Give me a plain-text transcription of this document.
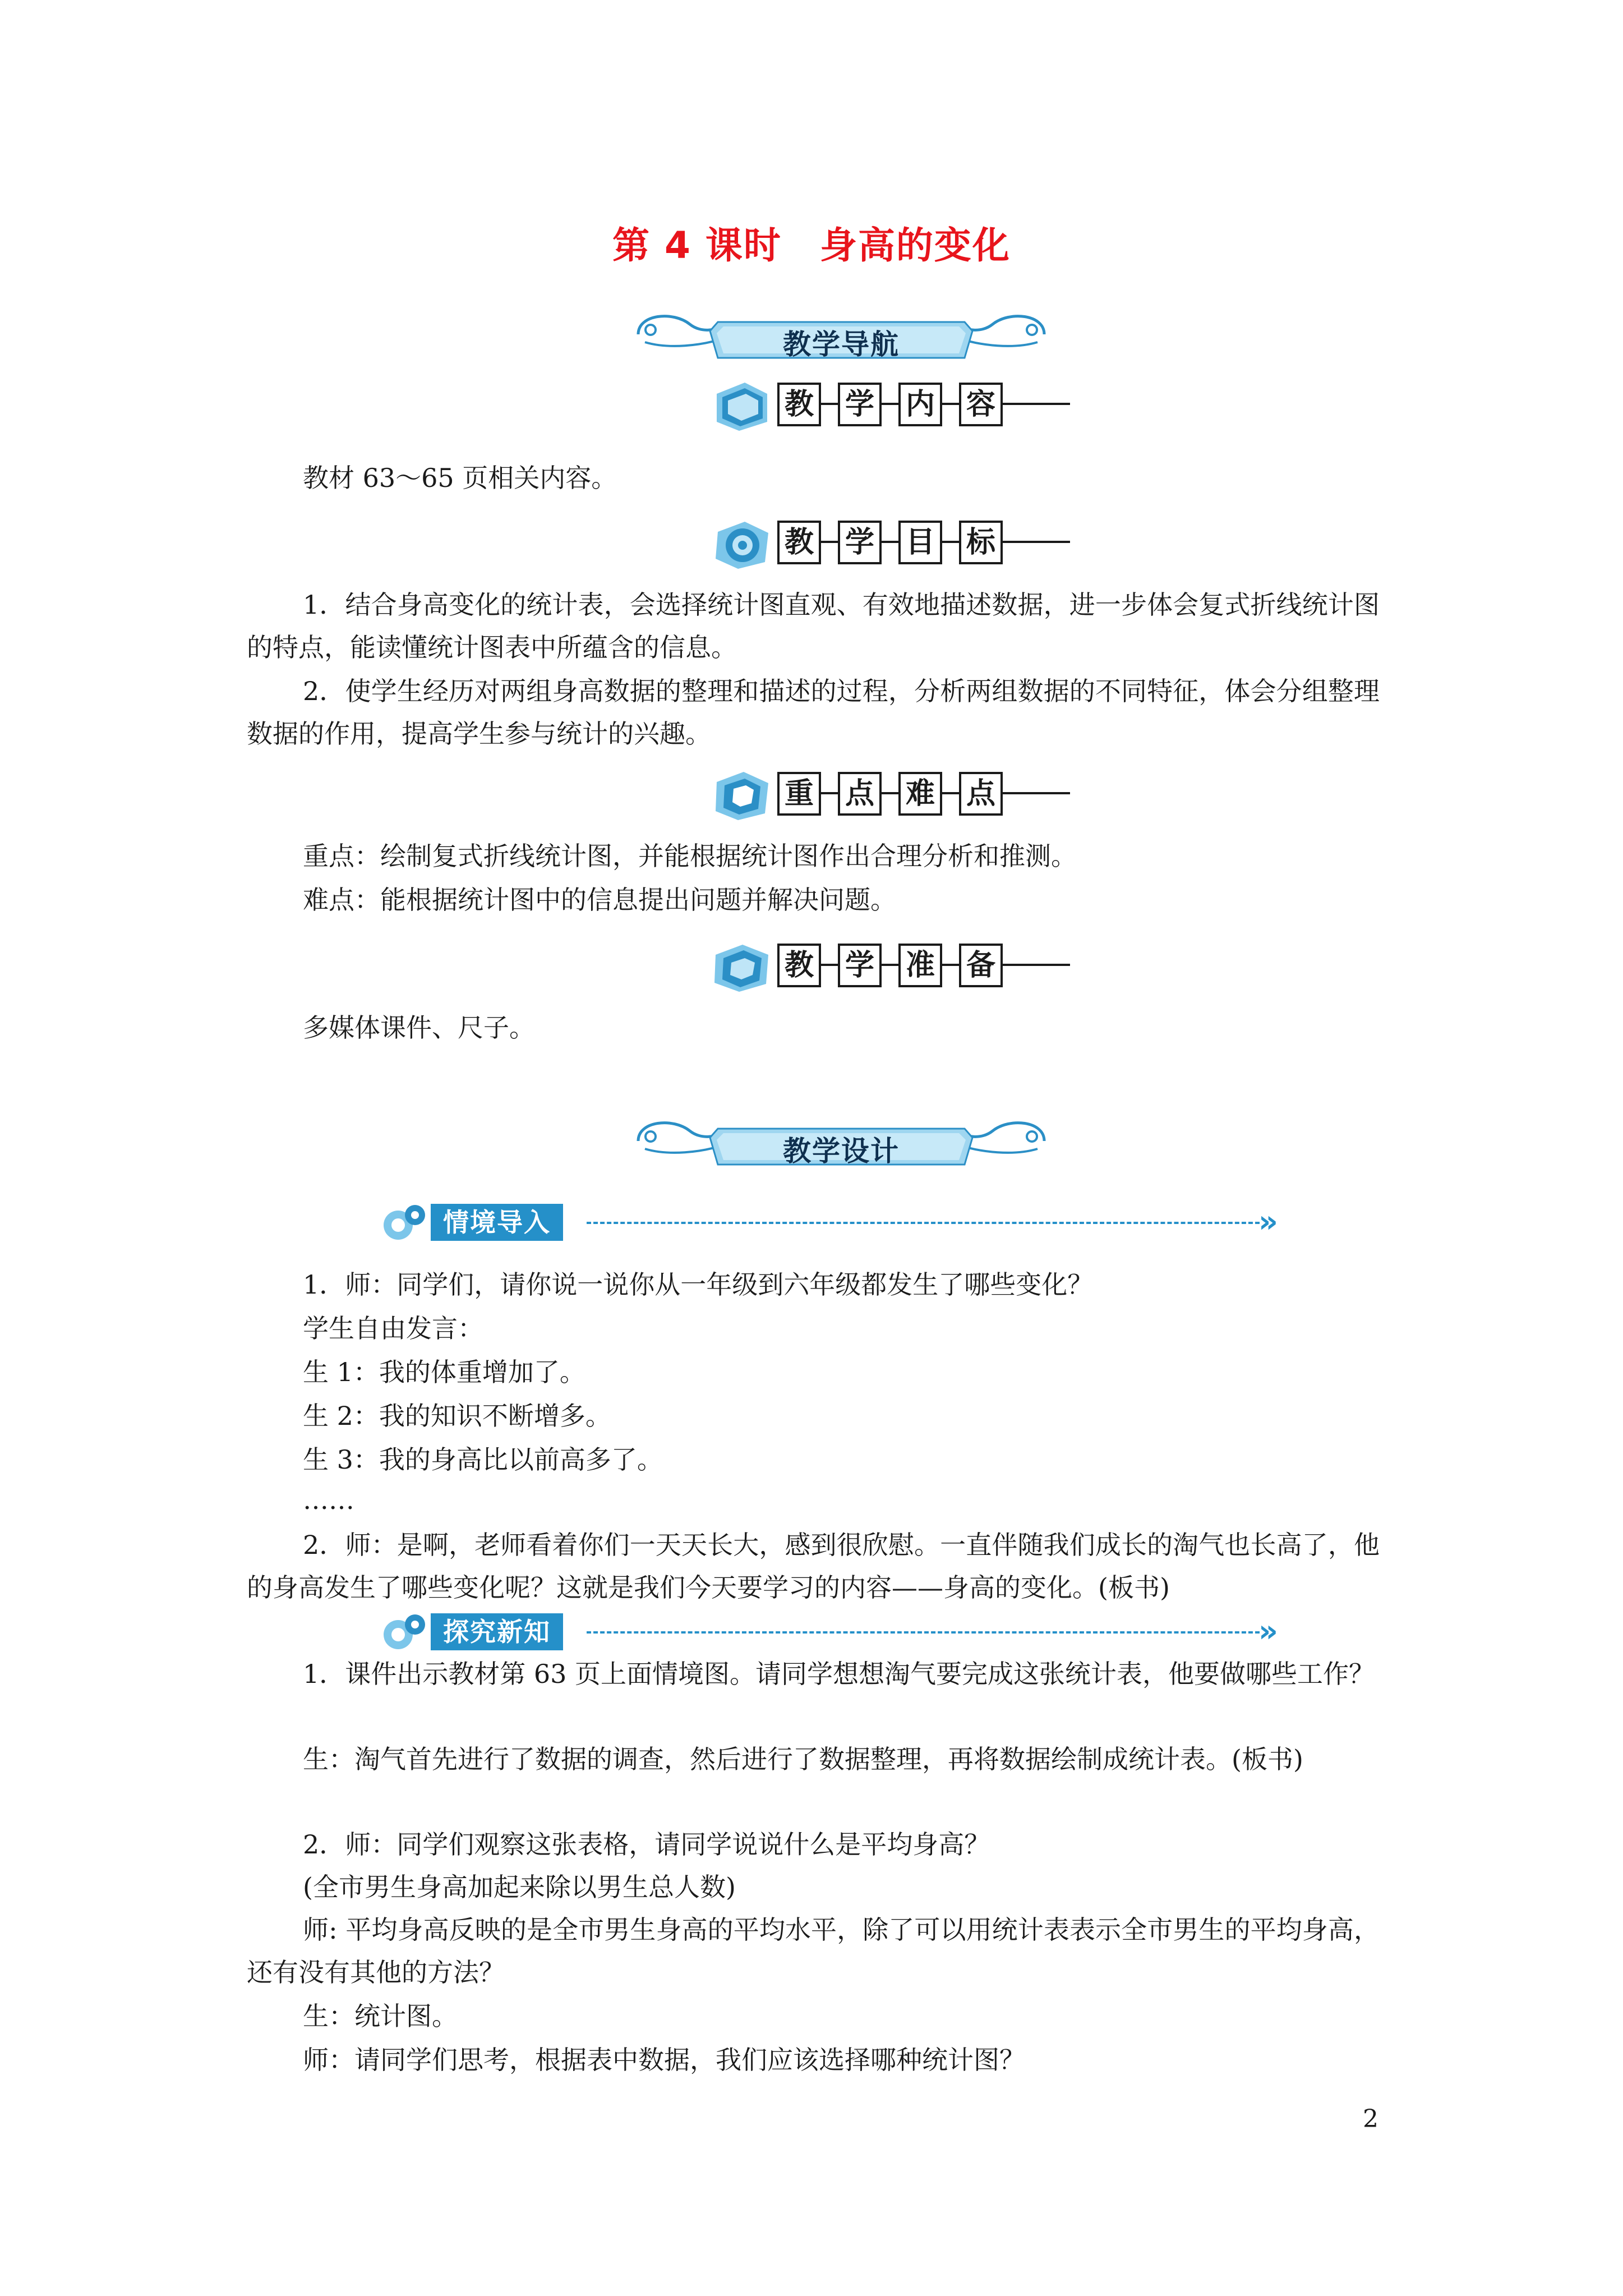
第 4 课时　身高的变化
教学导航
教 学 内 容
教材 63～65 页相关内容。
教 学 目 标
1．结合身高变化的统计表，会选择统计图直观、有效地描述数据，进一步体会复式折线统计图的特点，能读懂统计图表中所蕴含的信息。
2．使学生经历对两组身高数据的整理和描述的过程，分析两组数据的不同特征，体会分组整理数据的作用，提高学生参与统计的兴趣。
重 点 难 点
重点：绘制复式折线统计图，并能根据统计图作出合理分析和推测。
难点：能根据统计图中的信息提出问题并解决问题。
教 学 准 备
多媒体课件、尺子。
教学设计
情境导入	»
1．师：同学们，请你说一说你从一年级到六年级都发生了哪些变化？
学生自由发言：
生 1：我的体重增加了。
生 2：我的知识不断增多。
生 3：我的身高比以前高多了。
……
2．师：是啊，老师看着你们一天天长大，感到很欣慰。一直伴随我们成长的淘气也长高了，他的身高发生了哪些变化呢？这就是我们今天要学习的内容——身高的变化。(板书)
探究新知	»
1．课件出示教材第 63 页上面情境图。请同学想想淘气要完成这张统计表，他要做哪些工作？
生：淘气首先进行了数据的调查，然后进行了数据整理，再将数据绘制成统计表。(板书)
2．师：同学们观察这张表格，请同学说说什么是平均身高？
(全市男生身高加起来除以男生总人数)
师: 平均身高反映的是全市男生身高的平均水平，除了可以用统计表表示全市男生的平均身高，还有没有其他的方法？
生：统计图。
师：请同学们思考，根据表中数据，我们应该选择哪种统计图？
2
